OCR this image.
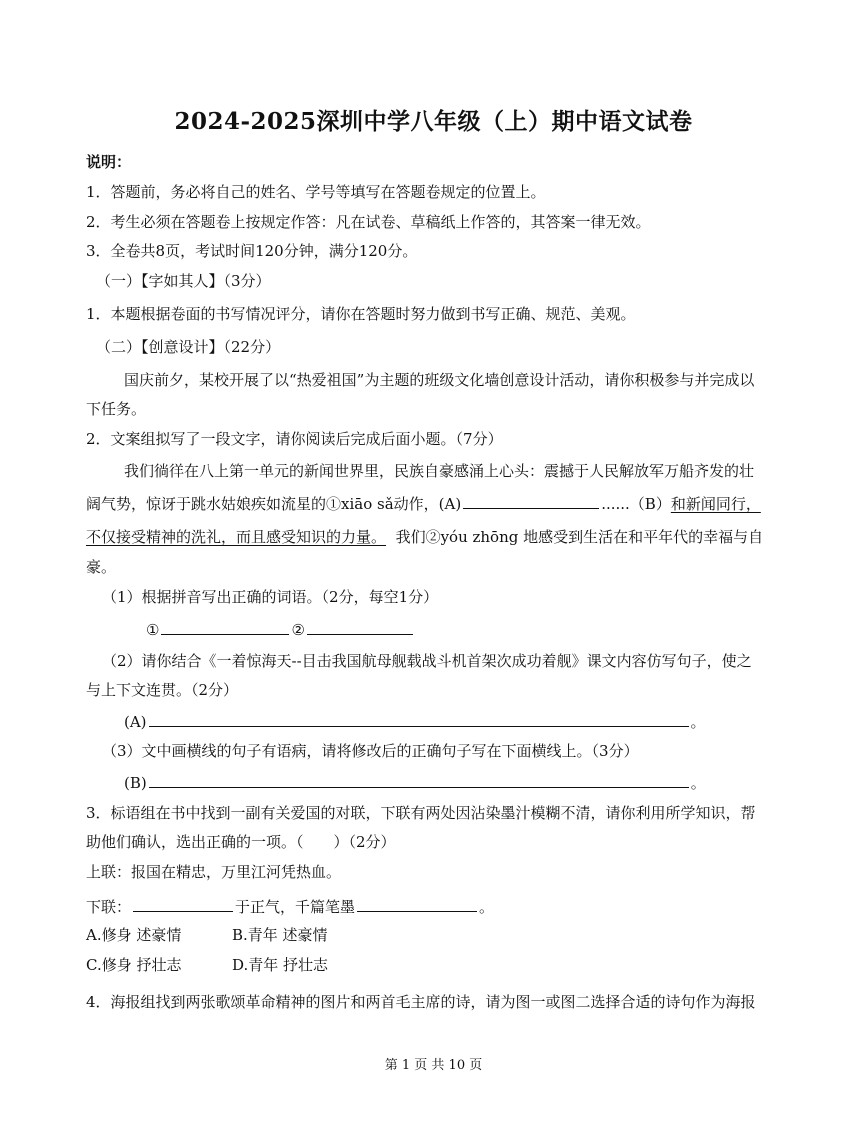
2024-2025深圳中学八年级（上）期中语文试卷
说明：
1．答题前，务必将自己的姓名、学号等填写在答题卷规定的位置上。
2．考生必须在答题卷上按规定作答：凡在试卷、草稿纸上作答的，其答案一律无效。
3．全卷共8页，考试时间120分钟，满分120分。
（一）【字如其人】（3分）
1．本题根据卷面的书写情况评分，请你在答题时努力做到书写正确、规范、美观。
（二）【创意设计】（22分）
国庆前夕，某校开展了以“热爱祖国”为主题的班级文化墙创意设计活动，请你积极参与并完成以
下任务。
2．文案组拟写了一段文字，请你阅读后完成后面小题。（7分）
我们徜徉在八上第一单元的新闻世界里，民族自豪感涌上心头：震撼于人民解放军万船齐发的壮
阔气势，惊讶于跳水姑娘疾如流星的①xiāo sǎ动作，(A)	......（B）和新闻同行，
不仅接受精神的洗礼，而且感受知识的力量。 我们②yóu zhōng 地感受到生活在和平年代的幸福与自
豪。
（1）根据拼音写出正确的词语。（2分，每空1分）
①	②
（2）请你结合《一着惊海天--目击我国航母舰载战斗机首架次成功着舰》课文内容仿写句子，使之
与上下文连贯。（2分）
(A)	。
（3）文中画横线的句子有语病，请将修改后的正确句子写在下面横线上。（3分）
(B)	。
3．标语组在书中找到一副有关爱国的对联，下联有两处因沾染墨汁模糊不清，请你利用所学知识，帮
助他们确认，选出正确的一项。（　　）（2分）
上联：报国在精忠，万里江河凭热血。
下联：	于正气，千篇笔墨	。
A.修身 述豪情	B.青年 述豪情
C.修身 抒壮志	D.青年 抒壮志
4．海报组找到两张歌颂革命精神的图片和两首毛主席的诗，请为图一或图二选择合适的诗句作为海报
第 1 页 共 10 页
